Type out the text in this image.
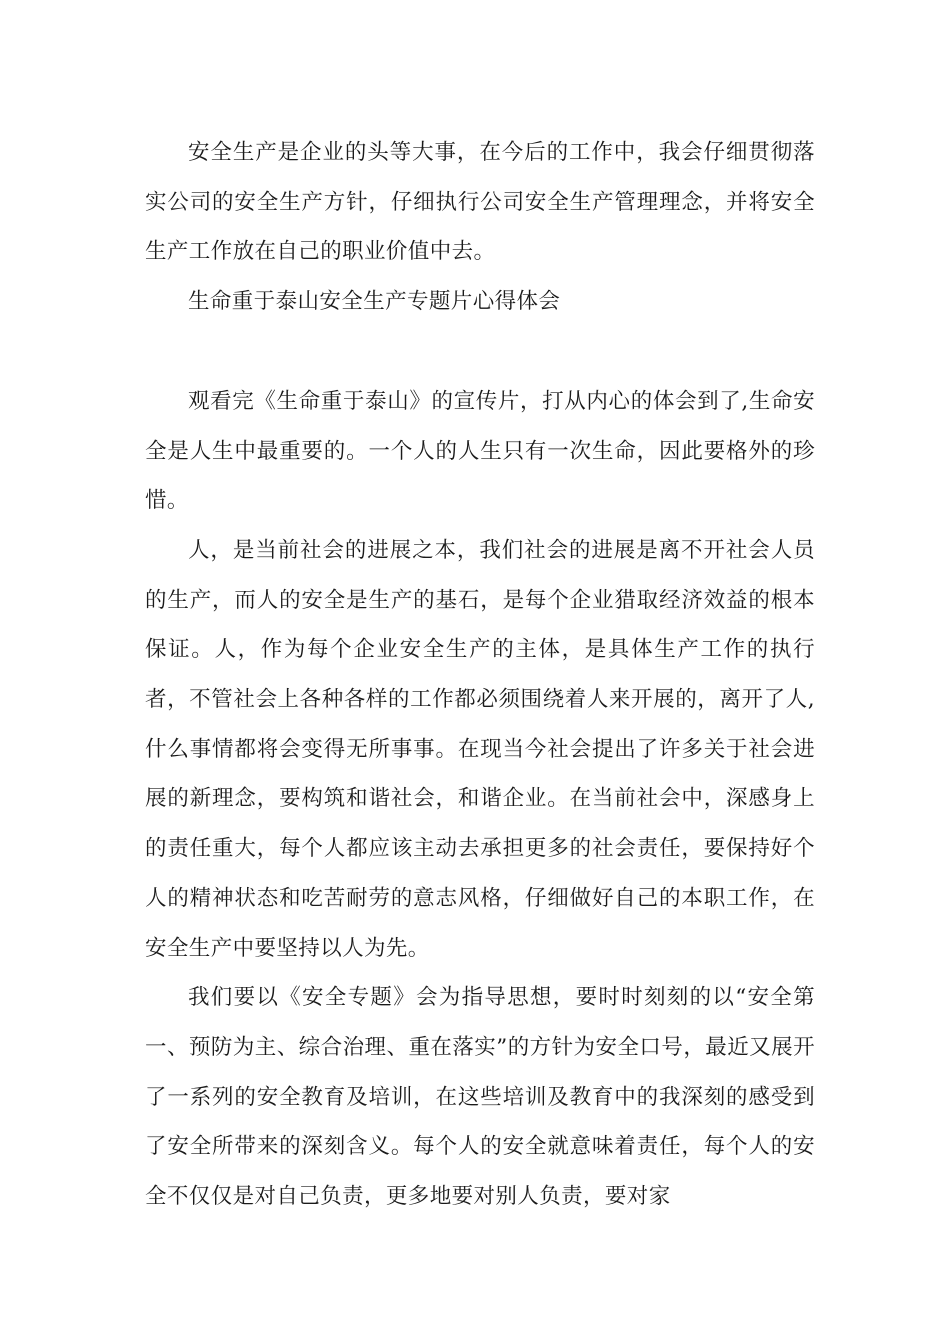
安全生产是企业的头等大事，在今后的工作中，我会仔细贯彻落实公司的安全生产方针，仔细执行公司安全生产管理理念，并将安全生产工作放在自己的职业价值中去。

生命重于泰山安全生产专题片心得体会

观看完《生命重于泰山》的宣传片，打从内心的体会到了,生命安全是人生中最重要的。一个人的人生只有一次生命，因此要格外的珍惜。

人，是当前社会的进展之本，我们社会的进展是离不开社会人员的生产，而人的安全是生产的基石，是每个企业猎取经济效益的根本保证。人，作为每个企业安全生产的主体，是具体生产工作的执行者，不管社会上各种各样的工作都必须围绕着人来开展的，离开了人,什么事情都将会变得无所事事。在现当今社会提出了许多关于社会进展的新理念，要构筑和谐社会，和谐企业。在当前社会中，深感身上的责任重大，每个人都应该主动去承担更多的社会责任，要保持好个人的精神状态和吃苦耐劳的意志风格，仔细做好自己的本职工作，在安全生产中要坚持以人为先。

我们要以《安全专题》会为指导思想，要时时刻刻的以“安全第一、预防为主、综合治理、重在落实”的方针为安全口号，最近又展开了一系列的安全教育及培训，在这些培训及教育中的我深刻的感受到了安全所带来的深刻含义。每个人的安全就意味着责任，每个人的安全不仅仅是对自己负责，更多地要对别人负责，要对家
